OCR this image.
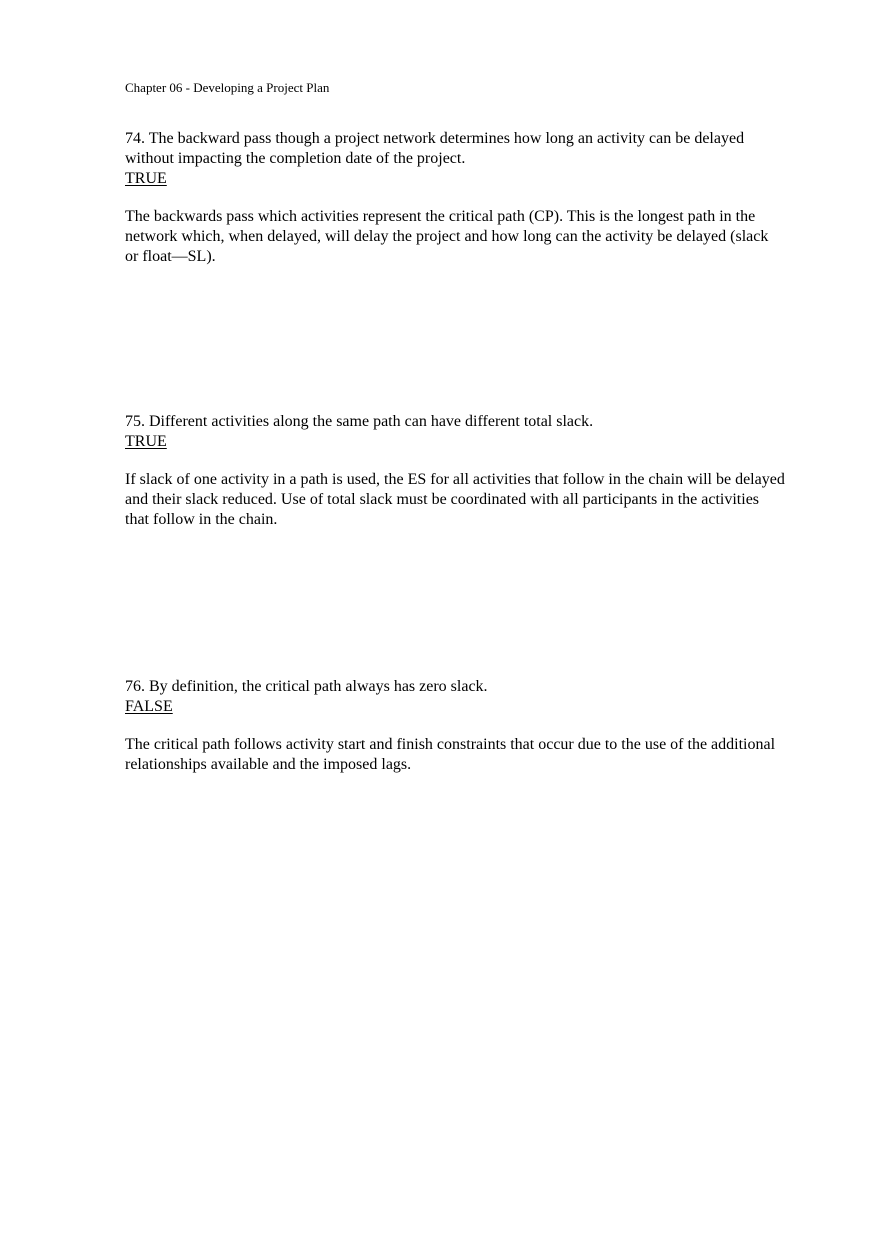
Chapter 06 - Developing a Project Plan

74. The backward pass though a project network determines how long an activity can be delayed without impacting the completion date of the project.

TRUE

The backwards pass which activities represent the critical path (CP). This is the longest path in the network which, when delayed, will delay the project and how long can the activity be delayed (slack or float—SL).

75. Different activities along the same path can have different total slack.

TRUE

If slack of one activity in a path is used, the ES for all activities that follow in the chain will be delayed and their slack reduced. Use of total slack must be coordinated with all participants in the activities that follow in the chain.

76. By definition, the critical path always has zero slack.

FALSE

The critical path follows activity start and finish constraints that occur due to the use of the additional relationships available and the imposed lags.
